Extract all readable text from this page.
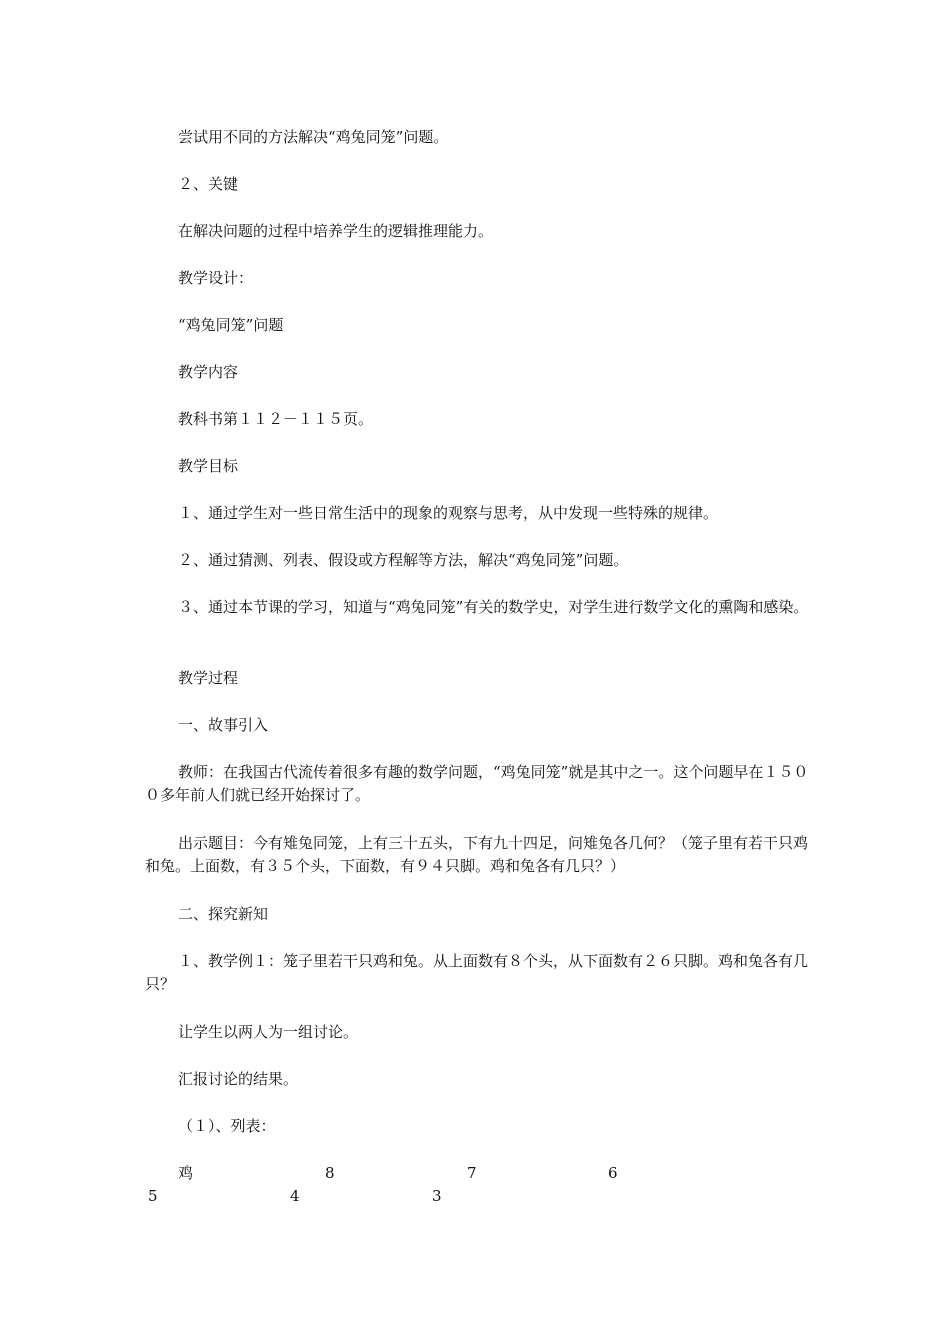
尝试用不同的方法解决“鸡兔同笼”问题。

２、关键

在解决问题的过程中培养学生的逻辑推理能力。

教学设计：

“鸡兔同笼”问题

教学内容

教科书第１１２－１１５页。

教学目标

１、通过学生对一些日常生活中的现象的观察与思考，从中发现一些特殊的规律。

２、通过猜测、列表、假设或方程解等方法，解决“鸡兔同笼”问题。

３、通过本节课的学习，知道与“鸡兔同笼”有关的数学史，对学生进行数学文化的熏陶和感染。

教学过程

一、故事引入

教师：在我国古代流传着很多有趣的数学问题，“鸡兔同笼”就是其中之一。这个问题早在１５００多年前人们就已经开始探讨了。

出示题目：今有雉兔同笼，上有三十五头，下有九十四足，问雉兔各几何？（笼子里有若干只鸡和兔。上面数，有３５个头，下面数，有９４只脚。鸡和兔各有几只？）

二、探究新知

１、教学例１：笼子里若干只鸡和兔。从上面数有８个头，从下面数有２６只脚。鸡和兔各有几只？

让学生以两人为一组讨论。

汇报讨论的结果。

（１）、列表：

鸡	8	7	6
5	4	3
